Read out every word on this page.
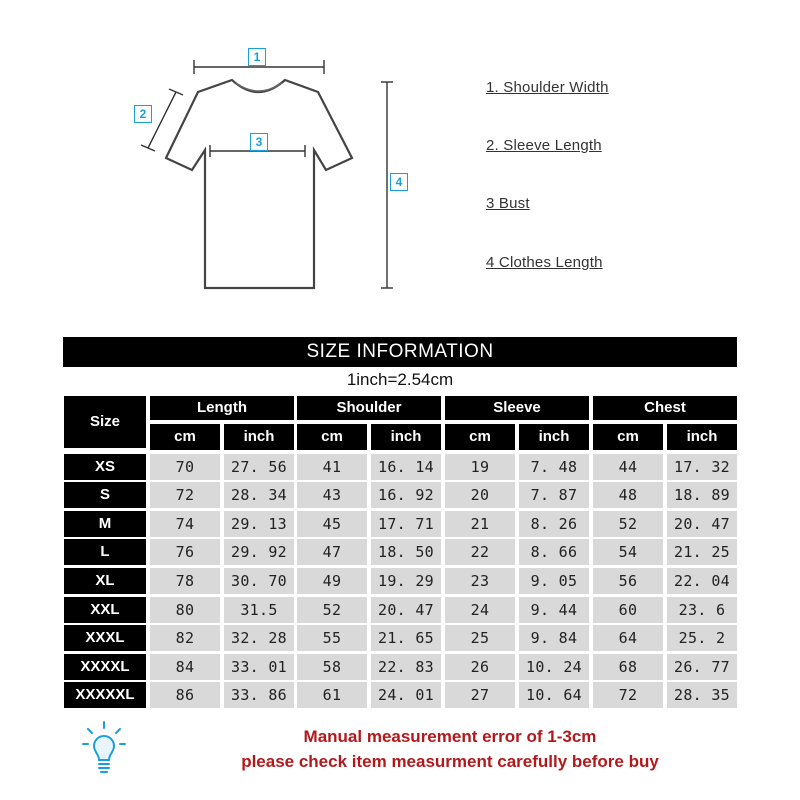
1
2
3
4
1. Shoulder Width
2. Sleeve Length
3 Bust
4 Clothes Length
SIZE INFORMATION
1inch=2.54cm
Size
Length
cm	inch
Shoulder
cm	inch
Sleeve
cm	inch
Chest
cm	inch
XS	70	27. 56	41	16. 14	19	7. 48	44	17. 32
S	72	28. 34	43	16. 92	20	7. 87	48	18. 89
M	74	29. 13	45	17. 71	21	8. 26	52	20. 47
L	76	29. 92	47	18. 50	22	8. 66	54	21. 25
XL	78	30. 70	49	19. 29	23	9. 05	56	22. 04
XXL	80	31.5	52	20. 47	24	9. 44	60	23. 6
XXXL	82	32. 28	55	21. 65	25	9. 84	64	25. 2
XXXXL	84	33. 01	58	22. 83	26	10. 24	68	26. 77
XXXXXL	86	33. 86	61	24. 01	27	10. 64	72	28. 35
Manual measurement error of 1-3cm
please check item measurment carefully before buy
